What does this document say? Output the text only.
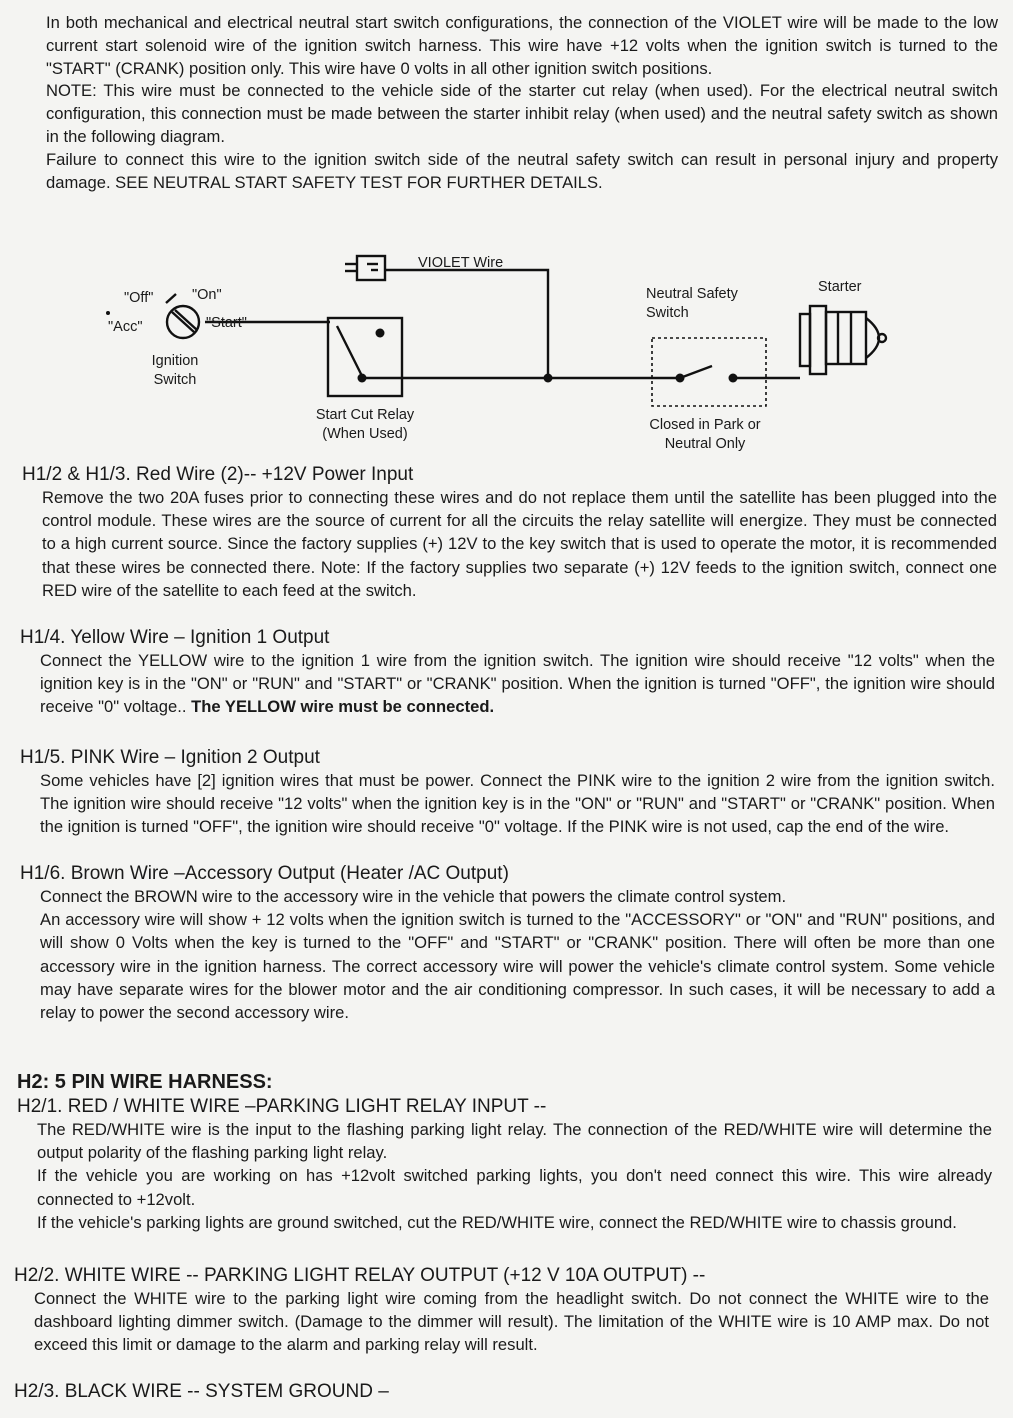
In both mechanical and electrical neutral start switch configurations, the connection of the VIOLET wire will be made to the low current start solenoid wire of the ignition switch harness. This wire have +12 volts when the ignition switch is turned to the "START" (CRANK) position only. This wire have 0 volts in all other ignition switch positions.

NOTE: This wire must be connected to the vehicle side of the starter cut relay (when used). For the electrical neutral switch configuration, this connection must be made between the starter inhibit relay (when used) and the neutral safety switch as shown in the following diagram.

Failure to connect this wire to the ignition switch side of the neutral safety switch can result in personal injury and property damage. SEE NEUTRAL START SAFETY TEST FOR FURTHER DETAILS.

VIOLET Wire
"Off"	"On"
"Acc"	"Start"
Ignition
Switch
Start Cut Relay
(When Used)
Neutral Safety
Switch
Starter
Closed in Park or
Neutral Only
H1/2 & H1/3. Red Wire (2)-- +12V Power Input

Remove the two 20A fuses prior to connecting these wires and do not replace them until the satellite has been plugged into the control module. These wires are the source of current for all the circuits the relay satellite will energize. They must be connected to a high current source. Since the factory supplies (+) 12V to the key switch that is used to operate the motor, it is recommended that these wires be connected there. Note: If the factory supplies two separate (+) 12V feeds to the ignition switch, connect one RED wire of the satellite to each feed at the switch.

H1/4. Yellow Wire – Ignition 1 Output

Connect the YELLOW wire to the ignition 1 wire from the ignition switch. The ignition wire should receive "12 volts" when the ignition key is in the "ON" or "RUN" and "START" or "CRANK" position. When the ignition is turned "OFF", the ignition wire should receive "0" voltage.. The YELLOW wire must be connected.

H1/5. PINK Wire – Ignition 2 Output

Some vehicles have [2] ignition wires that must be power. Connect the PINK wire to the ignition 2 wire from the ignition switch. The ignition wire should receive "12 volts" when the ignition key is in the "ON" or "RUN" and "START" or "CRANK" position. When the ignition is turned "OFF", the ignition wire should receive "0" voltage. If the PINK wire is not used, cap the end of the wire.

H1/6. Brown Wire –Accessory Output (Heater /AC Output)

Connect the BROWN wire to the accessory wire in the vehicle that powers the climate control system.

An accessory wire will show + 12 volts when the ignition switch is turned to the "ACCESSORY" or "ON" and "RUN" positions, and will show 0 Volts when the key is turned to the "OFF" and "START" or "CRANK" position. There will often be more than one accessory wire in the ignition harness. The correct accessory wire will power the vehicle's climate control system. Some vehicle may have separate wires for the blower motor and the air conditioning compressor. In such cases, it will be necessary to add a relay to power the second accessory wire.

H2: 5 PIN WIRE HARNESS:
H2/1. RED / WHITE WIRE –PARKING LIGHT RELAY INPUT --

The RED/WHITE wire is the input to the flashing parking light relay. The connection of the RED/WHITE wire will determine the output polarity of the flashing parking light relay.

If the vehicle you are working on has +12volt switched parking lights, you don't need connect this wire. This wire already connected to +12volt.

If the vehicle's parking lights are ground switched, cut the RED/WHITE wire, connect the RED/WHITE wire to chassis ground.

H2/2. WHITE WIRE -- PARKING LIGHT RELAY OUTPUT (+12 V 10A OUTPUT) --

Connect the WHITE wire to the parking light wire coming from the headlight switch. Do not connect the WHITE wire to the dashboard lighting dimmer switch. (Damage to the dimmer will result). The limitation of the WHITE wire is 10 AMP max. Do not exceed this limit or damage to the alarm and parking relay will result.

H2/3. BLACK WIRE -- SYSTEM GROUND –
